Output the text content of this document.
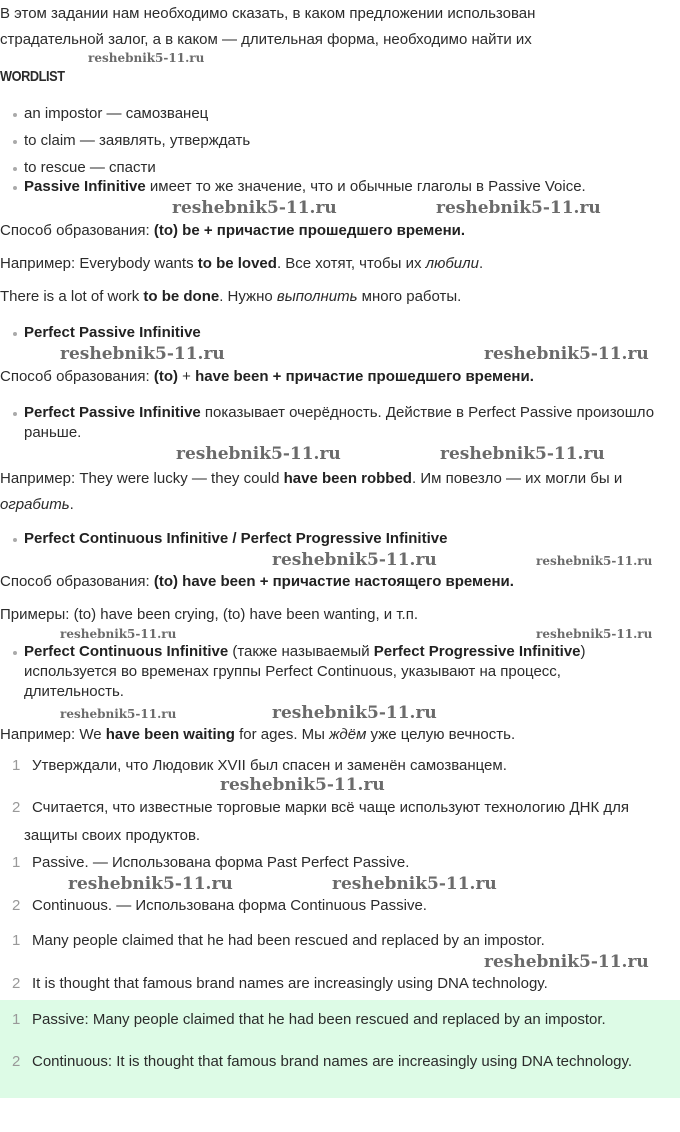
В этом задании нам необходимо сказать, в каком предложении использован
страдательной залог, а в каком — длительная форма, необходимо найти их
an impostor — самозванец
to claim — заявлять, утверждать
to rescue — спасти
Passive Infinitive имеет то же значение, что и обычные глаголы в Passive Voice.
Способ образования: (to) be + причастие прошедшего времени.
Например: Everybody wants to be loved. Все хотят, чтобы их любили.
There is a lot of work to be done. Нужно выполнить много работы.
Perfect Passive Infinitive
Способ образования: (to) + have been + причастие прошедшего времени.
Perfect Passive Infinitive показывает очерёдность. Действие в Perfect Passive произошло раньше.
Например: They were lucky — they could have been robbed. Им повезло — их могли бы и ограбить.
Perfect Continuous Infinitive / Perfect Progressive Infinitive
Способ образования: (to) have been + причастие настоящего времени.
Примеры: (to) have been crying, (to) have been wanting, и т.п.
Perfect Continuous Infinitive (также называемый Perfect Progressive Infinitive) используется во временах группы Perfect Continuous, указывают на процесс, длительность.
Например: We have been waiting for ages. Мы ждём уже целую вечность.
1 Утверждали, что Людовик XVII был спасен и заменён самозванцем.
2 Считается, что известные торговые марки всё чаще используют технологию ДНК для защиты своих продуктов.
1 Passive. — Использована форма Past Perfect Passive.
2 Continuous. — Использована форма Continuous Passive.
1 Many people claimed that he had been rescued and replaced by an impostor.
2 It is thought that famous brand names are increasingly using DNA technology.
1 Passive: Many people claimed that he had been rescued and replaced by an impostor.
2 Continuous: It is thought that famous brand names are increasingly using DNA technology.
WORDLIST
reshebnik5-11.ru
reshebnik5-11.ru	reshebnik5-11.ru
reshebnik5-11.ru
reshebnik5-11.ru
reshebnik5-11.ru	reshebnik5-11.ru
reshebnik5-11.ru
reshebnik5-11.ru
reshebnik5-11.ru	reshebnik5-11.ru
reshebnik5-11.ru
reshebnik5-11.ru
reshebnik5-11.ru
reshebnik5-11.ru
reshebnik5-11.ru
reshebnik5-11.ru
